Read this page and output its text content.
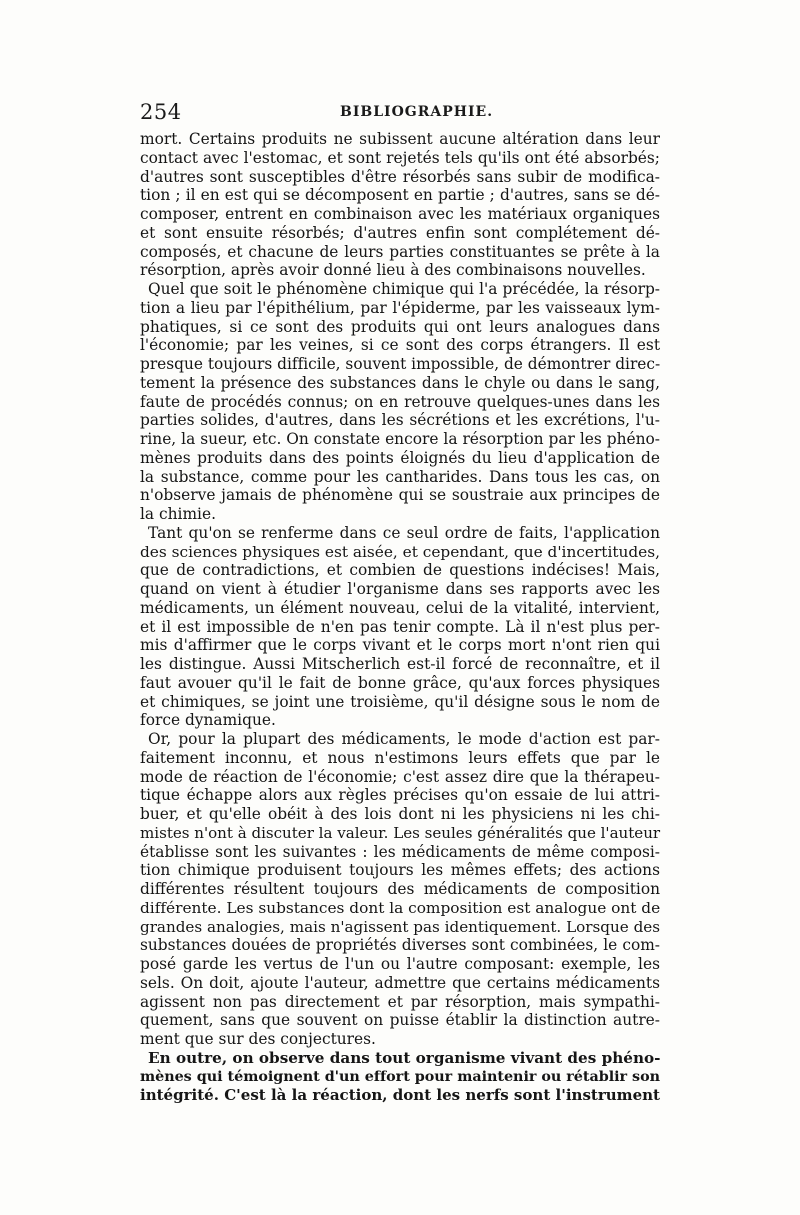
254	BIBLIOGRAPHIE.
mort. Certains produits ne subissent aucune altération dans leur
contact avec l'estomac, et sont rejetés tels qu'ils ont été absorbés;
d'autres sont susceptibles d'être résorbés sans subir de modifica-
tion ; il en est qui se décomposent en partie ; d'autres, sans se dé-
composer, entrent en combinaison avec les matériaux organiques
et sont ensuite résorbés; d'autres enfin sont complétement dé-
composés, et chacune de leurs parties constituantes se prête à la
résorption, après avoir donné lieu à des combinaisons nouvelles.
Quel que soit le phénomène chimique qui l'a précédée, la résorp-
tion a lieu par l'épithélium, par l'épiderme, par les vaisseaux lym-
phatiques, si ce sont des produits qui ont leurs analogues dans
l'économie; par les veines, si ce sont des corps étrangers. Il est
presque toujours difficile, souvent impossible, de démontrer direc-
tement la présence des substances dans le chyle ou dans le sang,
faute de procédés connus; on en retrouve quelques-unes dans les
parties solides, d'autres, dans les sécrétions et les excrétions, l'u-
rine, la sueur, etc. On constate encore la résorption par les phéno-
mènes produits dans des points éloignés du lieu d'application de
la substance, comme pour les cantharides. Dans tous les cas, on
n'observe jamais de phénomène qui se soustraie aux principes de
la chimie.
Tant qu'on se renferme dans ce seul ordre de faits, l'application
des sciences physiques est aisée, et cependant, que d'incertitudes,
que de contradictions, et combien de questions indécises! Mais,
quand on vient à étudier l'organisme dans ses rapports avec les
médicaments, un élément nouveau, celui de la vitalité, intervient,
et il est impossible de n'en pas tenir compte. Là il n'est plus per-
mis d'affirmer que le corps vivant et le corps mort n'ont rien qui
les distingue. Aussi Mitscherlich est-il forcé de reconnaître, et il
faut avouer qu'il le fait de bonne grâce, qu'aux forces physiques
et chimiques, se joint une troisième, qu'il désigne sous le nom de
force dynamique.
Or, pour la plupart des médicaments, le mode d'action est par-
faitement inconnu, et nous n'estimons leurs effets que par le
mode de réaction de l'économie; c'est assez dire que la thérapeu-
tique échappe alors aux règles précises qu'on essaie de lui attri-
buer, et qu'elle obéit à des lois dont ni les physiciens ni les chi-
mistes n'ont à discuter la valeur. Les seules généralités que l'auteur
établisse sont les suivantes : les médicaments de même composi-
tion chimique produisent toujours les mêmes effets; des actions
différentes résultent toujours des médicaments de composition
différente. Les substances dont la composition est analogue ont de
grandes analogies, mais n'agissent pas identiquement. Lorsque des
substances douées de propriétés diverses sont combinées, le com-
posé garde les vertus de l'un ou l'autre composant: exemple, les
sels. On doit, ajoute l'auteur, admettre que certains médicaments
agissent non pas directement et par résorption, mais sympathi-
quement, sans que souvent on puisse établir la distinction autre-
ment que sur des conjectures.
En outre, on observe dans tout organisme vivant des phéno-
mènes qui témoignent d'un effort pour maintenir ou rétablir son
intégrité. C'est là la réaction, dont les nerfs sont l'instrument
